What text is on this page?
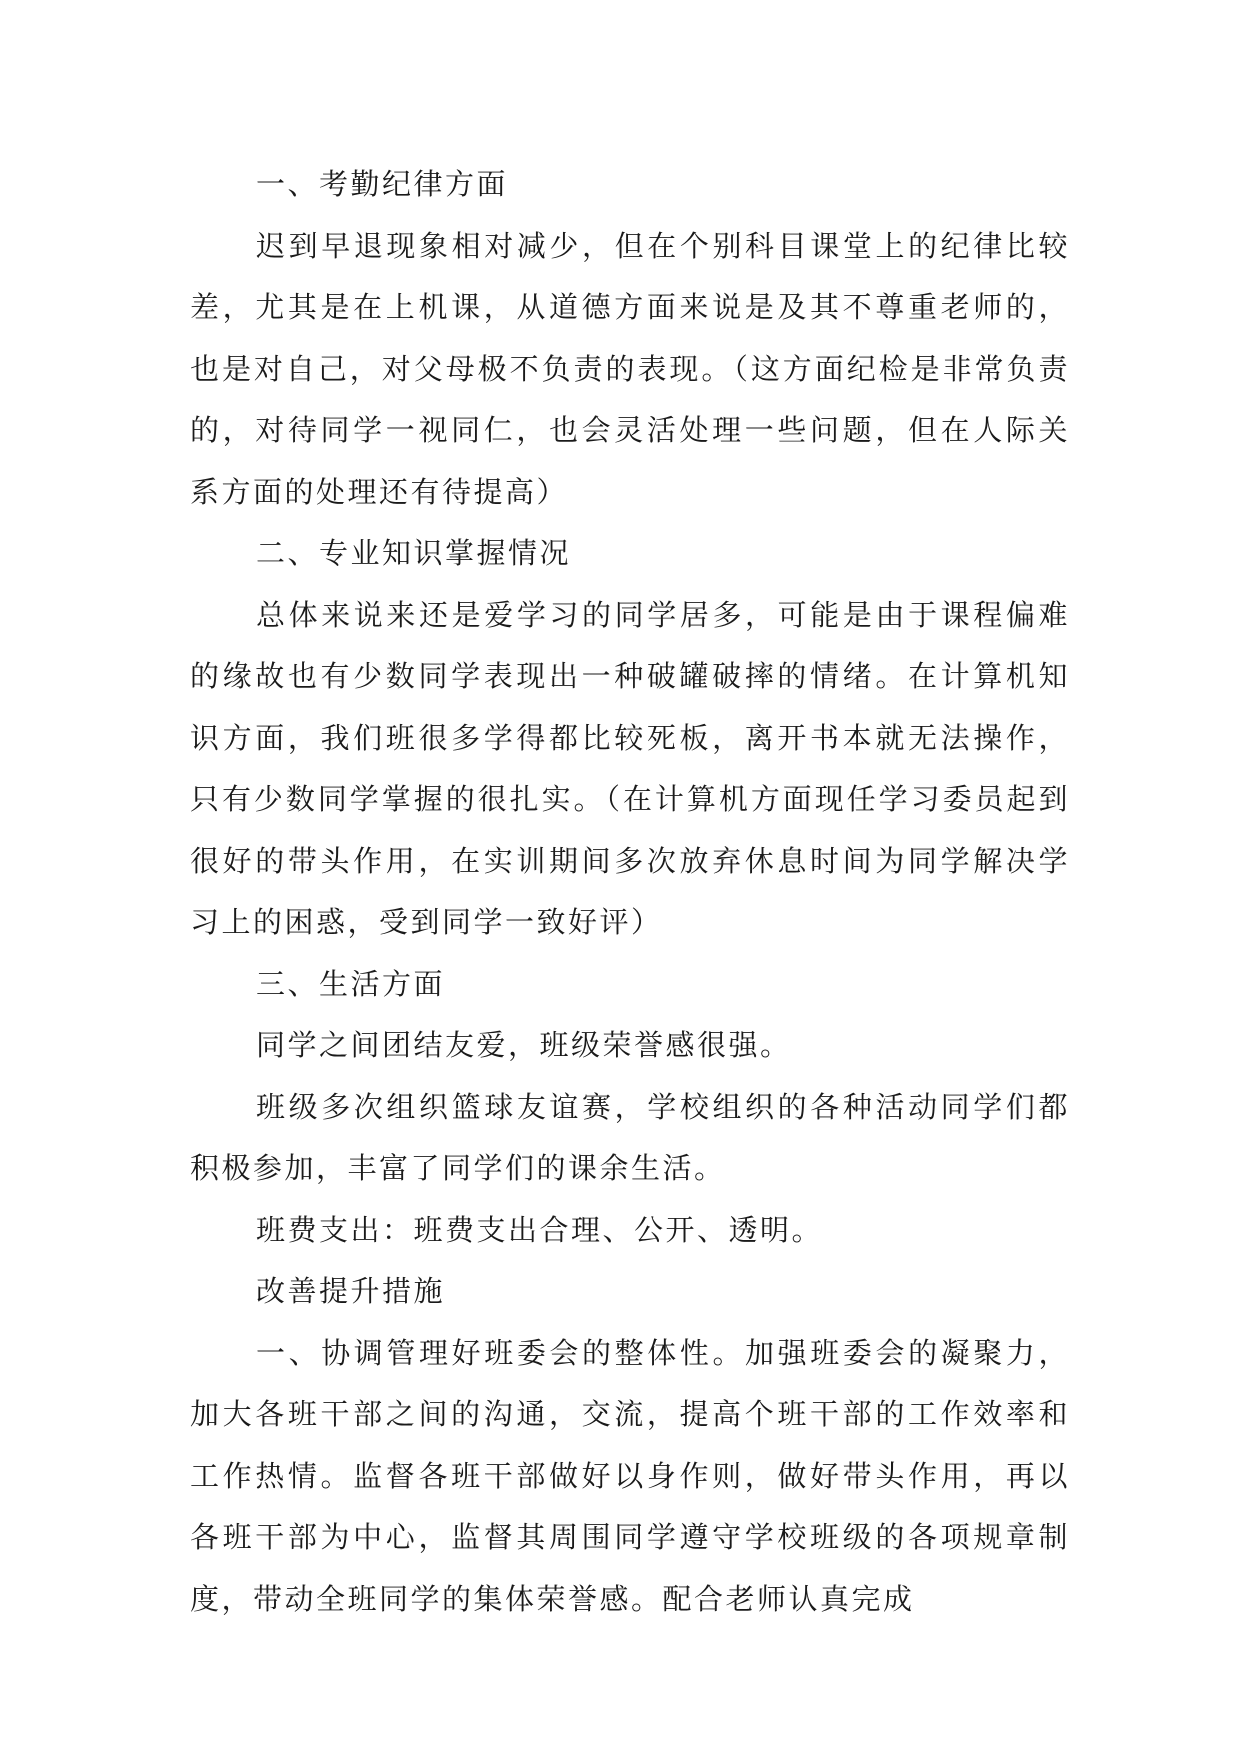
一、考勤纪律方面

迟到早退现象相对减少，但在个别科目课堂上的纪律比较差，尤其是在上机课，从道德方面来说是及其不尊重老师的，也是对自己，对父母极不负责的表现。（这方面纪检是非常负责的，对待同学一视同仁，也会灵活处理一些问题，但在人际关系方面的处理还有待提高）

二、专业知识掌握情况

总体来说来还是爱学习的同学居多，可能是由于课程偏难的缘故也有少数同学表现出一种破罐破摔的情绪。在计算机知识方面，我们班很多学得都比较死板，离开书本就无法操作，只有少数同学掌握的很扎实。（在计算机方面现任学习委员起到很好的带头作用，在实训期间多次放弃休息时间为同学解决学习上的困惑，受到同学一致好评）

三、生活方面

同学之间团结友爱，班级荣誉感很强。

班级多次组织篮球友谊赛，学校组织的各种活动同学们都积极参加，丰富了同学们的课余生活。

班费支出：班费支出合理、公开、透明。

改善提升措施

一、协调管理好班委会的整体性。加强班委会的凝聚力，加大各班干部之间的沟通，交流，提高个班干部的工作效率和工作热情。监督各班干部做好以身作则，做好带头作用，再以各班干部为中心，监督其周围同学遵守学校班级的各项规章制度，带动全班同学的集体荣誉感。配合老师认真完成
